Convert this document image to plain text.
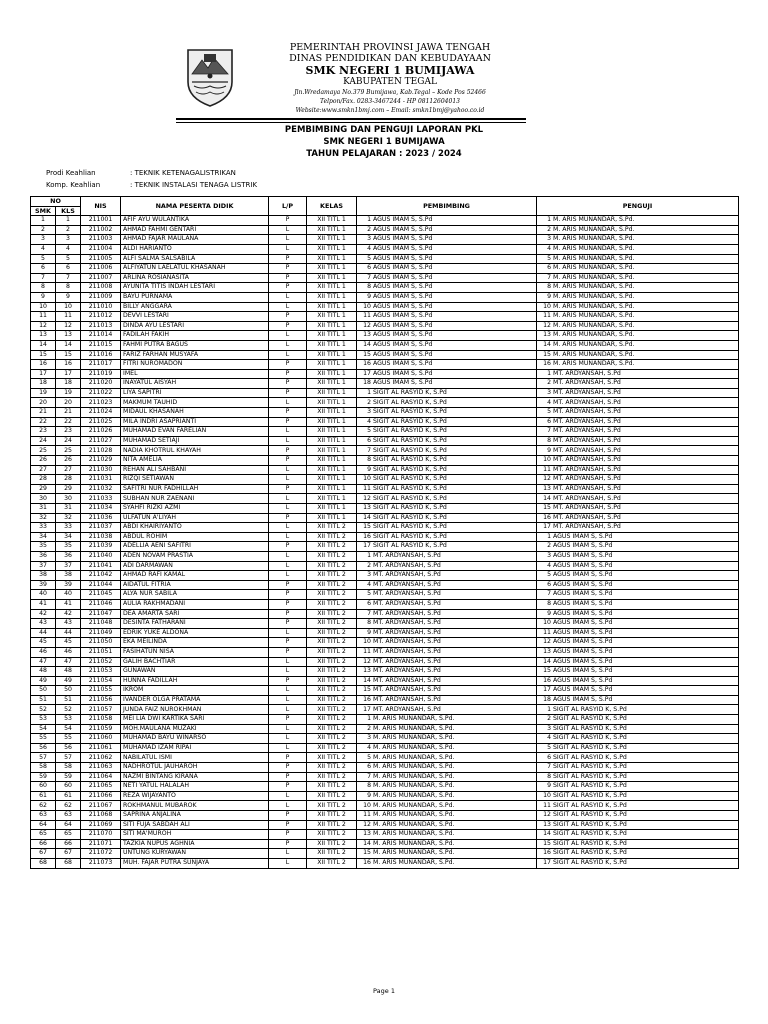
PEMERINTAH PROVINSI JAWA TENGAH
DINAS PENDIDIKAN DAN KEBUDAYAAN
SMK NEGERI 1 BUMIJAWA
KABUPATEN TEGAL
Jln.Wredamaya No.379 Bumijawa, Kab.Tegal – Kode Pos 52466
Telpon/Fax. 0283-3467244 - HP 08112604013
Website:www.smkn1bmj.com – Email: smkn1bmj@yahoo.co.id
PEMBIMBING DAN PENGUJI LAPORAN PKL
SMK NEGERI 1 BUMIJAWA
TAHUN PELAJARAN : 2023 / 2024
Prodi Keahlian	: TEKNIK KETENAGALISTRIKAN
Komp. Keahlian	: TEKNIK INSTALASI TENAGA LISTRIK
NO		NIS	NAMA PESERTA DIDIK	L/P	KELAS	PEMBIMBING	PENGUJI
SMK	KLS						
1	1	211001	AFIF AYU WULANTIKA	P	XII TITL 1	1 AGUS IMAM S, S.Pd	1 M. ARIS MUNANDAR, S.Pd.
2	2	211002	AHMAD FAHMI GENTARI	L	XII TITL 1	2 AGUS IMAM S, S.Pd	2 M. ARIS MUNANDAR, S.Pd.
3	3	211003	AHMAD FAJAR MAULANA	L	XII TITL 1	3 AGUS IMAM S, S.Pd	3 M. ARIS MUNANDAR, S.Pd.
4	4	211004	ALDI HARIANTO	L	XII TITL 1	4 AGUS IMAM S, S.Pd	4 M. ARIS MUNANDAR, S.Pd.
5	5	211005	ALFI SALMA SALSABILA	P	XII TITL 1	5 AGUS IMAM S, S.Pd	5 M. ARIS MUNANDAR, S.Pd.
6	6	211006	ALFIYATUN LAELATUL KHASANAH	P	XII TITL 1	6 AGUS IMAM S, S.Pd	6 M. ARIS MUNANDAR, S.Pd.
7	7	211007	ARLINA ROSIANASITA	P	XII TITL 1	7 AGUS IMAM S, S.Pd	7 M. ARIS MUNANDAR, S.Pd.
8	8	211008	AYUNITA TITIS INDAH LESTARI	P	XII TITL 1	8 AGUS IMAM S, S.Pd	8 M. ARIS MUNANDAR, S.Pd.
9	9	211009	BAYU PURNAMA	L	XII TITL 1	9 AGUS IMAM S, S.Pd	9 M. ARIS MUNANDAR, S.Pd.
10	10	211010	BILLY ANGGARA	L	XII TITL 1	10 AGUS IMAM S, S.Pd	10 M. ARIS MUNANDAR, S.Pd.
11	11	211012	DEVVI LESTARI	P	XII TITL 1	11 AGUS IMAM S, S.Pd	11 M. ARIS MUNANDAR, S.Pd.
12	12	211013	DINDA AYU LESTARI	P	XII TITL 1	12 AGUS IMAM S, S.Pd	12 M. ARIS MUNANDAR, S.Pd.
13	13	211014	FADILAH FAKIH	L	XII TITL 1	13 AGUS IMAM S, S.Pd	13 M. ARIS MUNANDAR, S.Pd.
14	14	211015	FAHMI PUTRA BAGUS	L	XII TITL 1	14 AGUS IMAM S, S.Pd	14 M. ARIS MUNANDAR, S.Pd.
15	15	211016	FARIZ FARHAN MUSYAFA	L	XII TITL 1	15 AGUS IMAM S, S.Pd	15 M. ARIS MUNANDAR, S.Pd.
16	16	211017	FITRI NUROMADON	P	XII TITL 1	16 AGUS IMAM S, S.Pd	16 M. ARIS MUNANDAR, S.Pd.
17	17	211019	IMEL	P	XII TITL 1	17 AGUS IMAM S, S.Pd	1 MT. ARDYANSAH, S.Pd
18	18	211020	INAYATUL AISYAH	P	XII TITL 1	18 AGUS IMAM S, S.Pd	2 MT. ARDYANSAH, S.Pd
19	19	211022	LIYA SAPITRI	P	XII TITL 1	1 SIGIT AL RASYID K, S.Pd	3 MT. ARDYANSAH, S.Pd
20	20	211023	MAKMUM TAUHID	L	XII TITL 1	2 SIGIT AL RASYID K, S.Pd	4 MT. ARDYANSAH, S.Pd
21	21	211024	MIDAUL KHASANAH	P	XII TITL 1	3 SIGIT AL RASYID K, S.Pd	5 MT. ARDYANSAH, S.Pd
22	22	211025	MILA INDRI ASAPRIANTI	P	XII TITL 1	4 SIGIT AL RASYID K, S.Pd	6 MT. ARDYANSAH, S.Pd
23	23	211026	MUHAMAD EVAN FARELIAN	L	XII TITL 1	5 SIGIT AL RASYID K, S.Pd	7 MT. ARDYANSAH, S.Pd
24	24	211027	MUHAMAD SETIAJI	L	XII TITL 1	6 SIGIT AL RASYID K, S.Pd	8 MT. ARDYANSAH, S.Pd
25	25	211028	NADIA KHOTRUL KHAYAH	P	XII TITL 1	7 SIGIT AL RASYID K, S.Pd	9 MT. ARDYANSAH, S.Pd
26	26	211029	NITA AMELIA	P	XII TITL 1	8 SIGIT AL RASYID K, S.Pd	10 MT. ARDYANSAH, S.Pd
27	27	211030	REHAN ALI SAHBANI	L	XII TITL 1	9 SIGIT AL RASYID K, S.Pd	11 MT. ARDYANSAH, S.Pd
28	28	211031	RIZQI SETIAWAN	L	XII TITL 1	10 SIGIT AL RASYID K, S.Pd	12 MT. ARDYANSAH, S.Pd
29	29	211032	SAFITRI NUR FADHILLAH	P	XII TITL 1	11 SIGIT AL RASYID K, S.Pd	13 MT. ARDYANSAH, S.Pd
30	30	211033	SUBHAN NUR ZAENANI	L	XII TITL 1	12 SIGIT AL RASYID K, S.Pd	14 MT. ARDYANSAH, S.Pd
31	31	211034	SYAHFI RIZKI AZMI	L	XII TITL 1	13 SIGIT AL RASYID K, S.Pd	15 MT. ARDYANSAH, S.Pd
32	32	211036	ULFATUN A'LIYAH	P	XII TITL 1	14 SIGIT AL RASYID K, S.Pd	16 MT. ARDYANSAH, S.Pd
33	33	211037	ABDI KHAIRIYANTO	L	XII TITL 2	15 SIGIT AL RASYID K, S.Pd	17 MT. ARDYANSAH, S.Pd
34	34	211038	ABDUL ROHIM	L	XII TITL 2	16 SIGIT AL RASYID K, S.Pd	1 AGUS IMAM S, S.Pd
35	35	211039	ADELLIA AENI SAFITRI	P	XII TITL 2	17 SIGIT AL RASYID K, S.Pd	2 AGUS IMAM S, S.Pd
36	36	211040	ADEN NOVAM PRASTIA	L	XII TITL 2	1 MT. ARDYANSAH, S.Pd	3 AGUS IMAM S, S.Pd
37	37	211041	ADI DARMAWAN	L	XII TITL 2	2 MT. ARDYANSAH, S.Pd	4 AGUS IMAM S, S.Pd
38	38	211042	AHMAD RAFI KAMAL	L	XII TITL 2	3 MT. ARDYANSAH, S.Pd	5 AGUS IMAM S, S.Pd
39	39	211044	AIDATUL FITRIA	P	XII TITL 2	4 MT. ARDYANSAH, S.Pd	6 AGUS IMAM S, S.Pd
40	40	211045	ALYA NUR SABILA	P	XII TITL 2	5 MT. ARDYANSAH, S.Pd	7 AGUS IMAM S, S.Pd
41	41	211046	AULIA RAKHMADANI	P	XII TITL 2	6 MT. ARDYANSAH, S.Pd	8 AGUS IMAM S, S.Pd
42	42	211047	DEA AMARTA SARI	P	XII TITL 2	7 MT. ARDYANSAH, S.Pd	9 AGUS IMAM S, S.Pd
43	43	211048	DESINTA FATHARANI	P	XII TITL 2	8 MT. ARDYANSAH, S.Pd	10 AGUS IMAM S, S.Pd
44	44	211049	EDRIK YUKE ALDONA	L	XII TITL 2	9 MT. ARDYANSAH, S.Pd	11 AGUS IMAM S, S.Pd
45	45	211050	EKA MEILINDA	P	XII TITL 2	10 MT. ARDYANSAH, S.Pd	12 AGUS IMAM S, S.Pd
46	46	211051	FASIHATUN NISA	P	XII TITL 2	11 MT. ARDYANSAH, S.Pd	13 AGUS IMAM S, S.Pd
47	47	211052	GALIH BACHTIAR	L	XII TITL 2	12 MT. ARDYANSAH, S.Pd	14 AGUS IMAM S, S.Pd
48	48	211053	GUNAWAN	L	XII TITL 2	13 MT. ARDYANSAH, S.Pd	15 AGUS IMAM S, S.Pd
49	49	211054	HUNNA FADILLAH	P	XII TITL 2	14 MT. ARDYANSAH, S.Pd	16 AGUS IMAM S, S.Pd
50	50	211055	IKROM	L	XII TITL 2	15 MT. ARDYANSAH, S.Pd	17 AGUS IMAM S, S.Pd
51	51	211056	IVANDER OLGA PRATAMA	L	XII TITL 2	16 MT. ARDYANSAH, S.Pd	18 AGUS IMAM S, S.Pd
52	52	211057	JUNDA FAIZ NUROKHMAN	L	XII TITL 2	17 MT. ARDYANSAH, S.Pd	1 SIGIT AL RASYID K, S.Pd
53	53	211058	MEI LIA DWI KARTIKA SARI	P	XII TITL 2	1 M. ARIS MUNANDAR, S.Pd.	2 SIGIT AL RASYID K, S.Pd
54	54	211059	MOH.MAULANA MUZAKI	L	XII TITL 2	2 M. ARIS MUNANDAR, S.Pd.	3 SIGIT AL RASYID K, S.Pd
55	55	211060	MUHAMAD BAYU WINARSO	L	XII TITL 2	3 M. ARIS MUNANDAR, S.Pd.	4 SIGIT AL RASYID K, S.Pd
56	56	211061	MUHAMAD IZAM RIPAI	L	XII TITL 2	4 M. ARIS MUNANDAR, S.Pd.	5 SIGIT AL RASYID K, S.Pd
57	57	211062	NABILATUL ISMI	P	XII TITL 2	5 M. ARIS MUNANDAR, S.Pd.	6 SIGIT AL RASYID K, S.Pd
58	58	211063	NADHROTUL JAUHAROH	P	XII TITL 2	6 M. ARIS MUNANDAR, S.Pd.	7 SIGIT AL RASYID K, S.Pd
59	59	211064	NAZMI BINTANG KIRANA	P	XII TITL 2	7 M. ARIS MUNANDAR, S.Pd.	8 SIGIT AL RASYID K, S.Pd
60	60	211065	NETI YATUL HALALAH	P	XII TITL 2	8 M. ARIS MUNANDAR, S.Pd.	9 SIGIT AL RASYID K, S.Pd
61	61	211066	REZA WIJAYANTO	L	XII TITL 2	9 M. ARIS MUNANDAR, S.Pd.	10 SIGIT AL RASYID K, S.Pd
62	62	211067	ROKHMANUL MUBAROK	L	XII TITL 2	10 M. ARIS MUNANDAR, S.Pd.	11 SIGIT AL RASYID K, S.Pd
63	63	211068	SAPRINA ANJALINA	P	XII TITL 2	11 M. ARIS MUNANDAR, S.Pd.	12 SIGIT AL RASYID K, S.Pd
64	64	211069	SITI FUJA SABDAH ALI	P	XII TITL 2	12 M. ARIS MUNANDAR, S.Pd.	13 SIGIT AL RASYID K, S.Pd
65	65	211070	SITI MA'MUROH	P	XII TITL 2	13 M. ARIS MUNANDAR, S.Pd.	14 SIGIT AL RASYID K, S.Pd
66	66	211071	TAZKIA NUPUS AGHNIA	P	XII TITL 2	14 M. ARIS MUNANDAR, S.Pd.	15 SIGIT AL RASYID K, S.Pd
67	67	211072	UNTUNG KURYAWAN	L	XII TITL 2	15 M. ARIS MUNANDAR, S.Pd.	16 SIGIT AL RASYID K, S.Pd
68	68	211073	MUH. FAJAR PUTRA SUNJAYA	L	XII TITL 2	16 M. ARIS MUNANDAR, S.Pd.	17 SIGIT AL RASYID K, S.Pd
Page 1
